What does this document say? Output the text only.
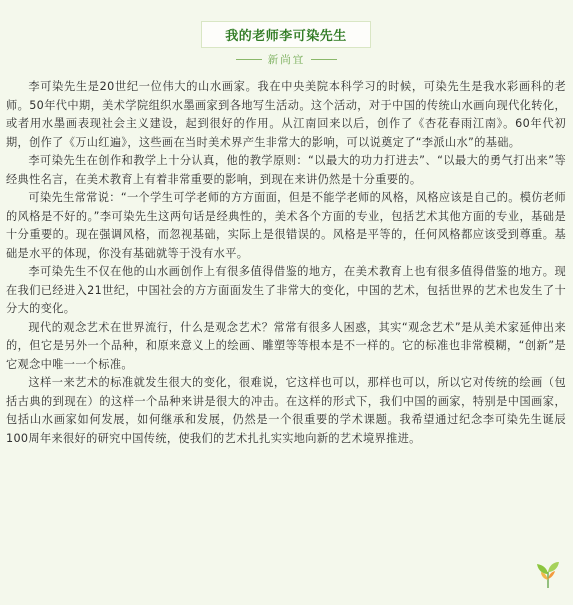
我的老师李可染先生
新尚宜

李可染先生是20世纪一位伟大的山水画家。我在中央美院本科学习的时候，可染先生是我水彩画科的老师。50年代中期，美术学院组织水墨画家到各地写生活动。这个活动，对于中国的传统山水画向现代化转化，或者用水墨画表现社会主义建设，起到很好的作用。从江南回来以后，创作了《杏花春雨江南》。60年代初期，创作了《万山红遍》，这些画在当时美术界产生非常大的影响，可以说奠定了“李派山水”的基础。

李可染先生在创作和教学上十分认真，他的教学原则：“以最大的功力打进去”、“以最大的勇气打出来”等经典性名言，在美术教育上有着非常重要的影响，到现在来讲仍然是十分重要的。

可染先生常常说：“一个学生可学老师的方方面面，但是不能学老师的风格，风格应该是自己的。模仿老师的风格是不好的。”李可染先生这两句话是经典性的，美术各个方面的专业，包括艺术其他方面的专业，基础是十分重要的。现在强调风格，而忽视基础，实际上是很错误的。风格是平等的，任何风格都应该受到尊重。基础是水平的体现，你没有基础就等于没有水平。

李可染先生不仅在他的山水画创作上有很多值得借鉴的地方，在美术教育上也有很多值得借鉴的地方。现在我们已经进入21世纪，中国社会的方方面面发生了非常大的变化，中国的艺术，包括世界的艺术也发生了十分大的变化。

现代的观念艺术在世界流行，什么是观念艺术？常常有很多人困惑，其实“观念艺术”是从美术家延伸出来的，但它是另外一个品种，和原来意义上的绘画、雕塑等等根本是不一样的。它的标准也非常模糊，“创新”是它观念中唯一一个标准。

这样一来艺术的标准就发生很大的变化，很难说，它这样也可以，那样也可以，所以它对传统的绘画（包括古典的到现在）的这样一个品种来讲是很大的冲击。在这样的形式下，我们中国的画家，特别是中国画家，包括山水画家如何发展，如何继承和发展，仍然是一个很重要的学术课题。我希望通过纪念李可染先生诞辰100周年来很好的研究中国传统，使我们的艺术扎扎实实地向新的艺术境界推进。
